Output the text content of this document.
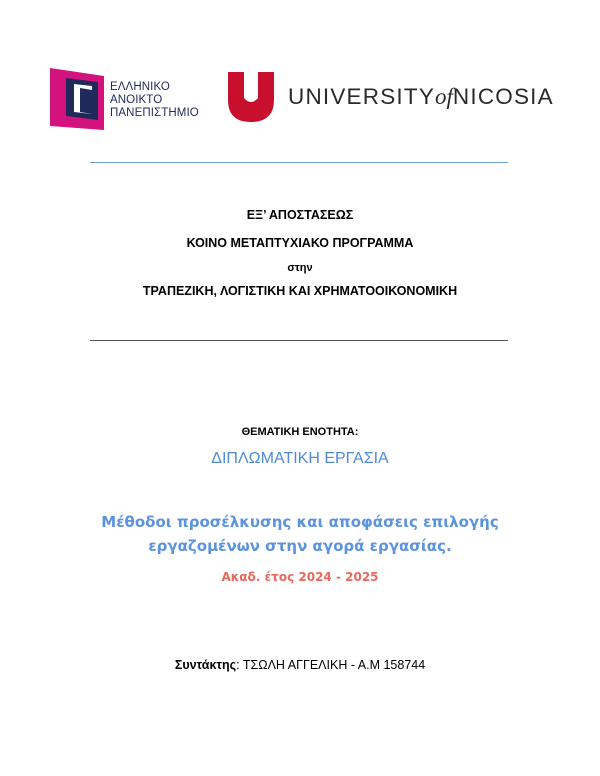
ΕΛΛΗΝΙΚΟ
ΑΝΟΙΚΤΟ
ΠΑΝΕΠΙΣΤΗΜΙΟ
UNIVERSITYofNICOSIA
ΕΞ’ ΑΠΟΣΤΑΣΕΩΣ
ΚΟΙΝΟ ΜΕΤΑΠΤΥΧΙΑΚΟ ΠΡΟΓΡΑΜΜΑ
στην
ΤΡΑΠΕΖΙΚΗ, ΛΟΓΙΣΤΙΚΗ ΚΑΙ ΧΡΗΜΑΤΟΟΙΚΟΝΟΜΙΚΗ
ΘΕΜΑΤΙΚΗ ΕΝΟΤΗΤΑ:
ΔΙΠΛΩΜΑΤΙΚΗ ΕΡΓΑΣΙΑ
Μέθοδοι προσέλκυσης και αποφάσεις επιλογής
εργαζομένων στην αγορά εργασίας.
Ακαδ. έτος 2024 - 2025
Συντάκτης: ΤΣΩΛΗ ΑΓΓΕΛΙΚΗ - Α.Μ 158744
